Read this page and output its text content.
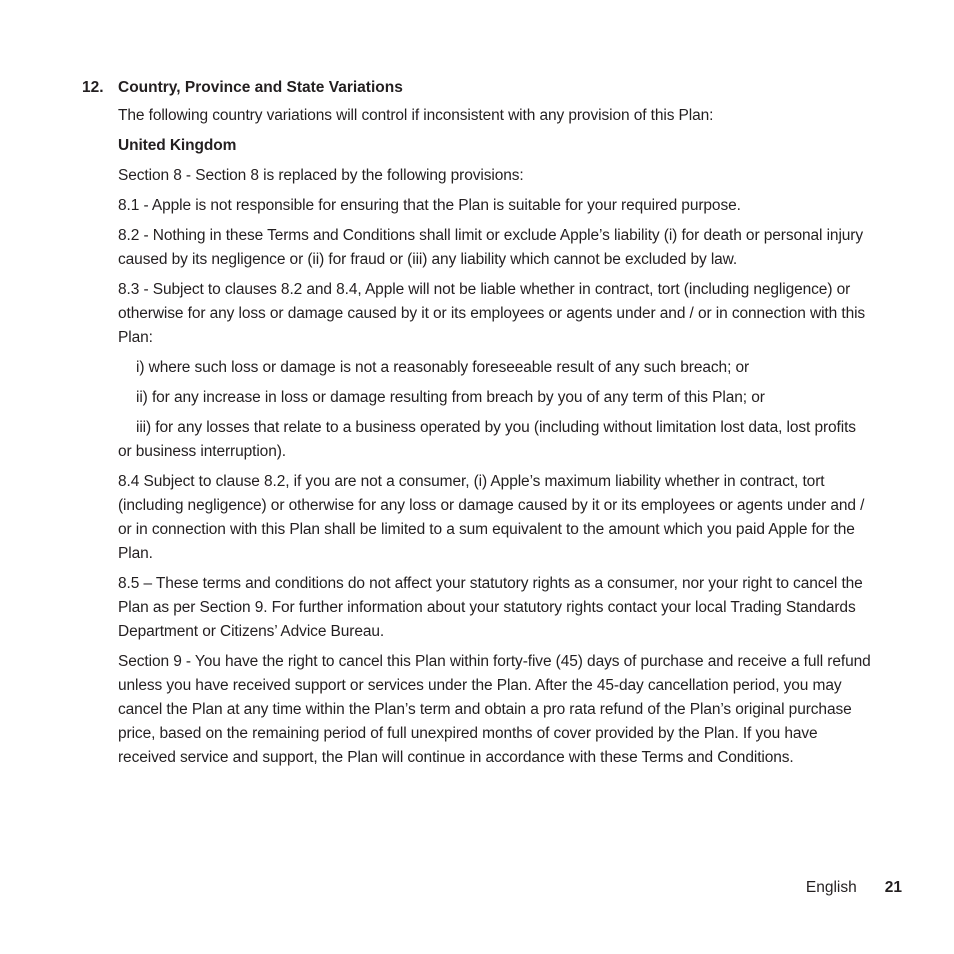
12. Country, Province and State Variations

The following country variations will control if inconsistent with any provision of this Plan:

United Kingdom

Section 8 - Section 8 is replaced by the following provisions:

8.1 - Apple is not responsible for ensuring that the Plan is suitable for your required purpose.

8.2 - Nothing in these Terms and Conditions shall limit or exclude Apple’s liability (i) for death or personal injury caused by its negligence or (ii) for fraud or (iii) any liability which cannot be excluded by law.

8.3 - Subject to clauses 8.2 and 8.4, Apple will not be liable whether in contract, tort (including negligence) or otherwise for any loss or damage caused by it or its employees or agents under and / or in connection with this Plan:

i) where such loss or damage is not a reasonably foreseeable result of any such breach; or

ii) for any increase in loss or damage resulting from breach by you of any term of this Plan; or

iii) for any losses that relate to a business operated by you (including without limitation lost data, lost profits or business interruption).

8.4 Subject to clause 8.2, if you are not a consumer, (i) Apple’s maximum liability whether in contract, tort (including negligence) or otherwise for any loss or damage caused by it or its employees or agents under and / or in connection with this Plan shall be limited to a sum equivalent to the amount which you paid Apple for the Plan.

8.5 – These terms and conditions do not affect your statutory rights as a consumer, nor your right to cancel the Plan as per Section 9. For further information about your statutory rights contact your local Trading Standards Department or Citizens’ Advice Bureau.

Section 9 - You have the right to cancel this Plan within forty-five (45) days of purchase and receive a full refund unless you have received support or services under the Plan. After the 45-day cancellation period, you may cancel the Plan at any time within the Plan’s term and obtain a pro rata refund of the Plan’s original purchase price, based on the remaining period of full unexpired months of cover provided by the Plan. If you have received service and support, the Plan will continue in accordance with these Terms and Conditions.

English 21
